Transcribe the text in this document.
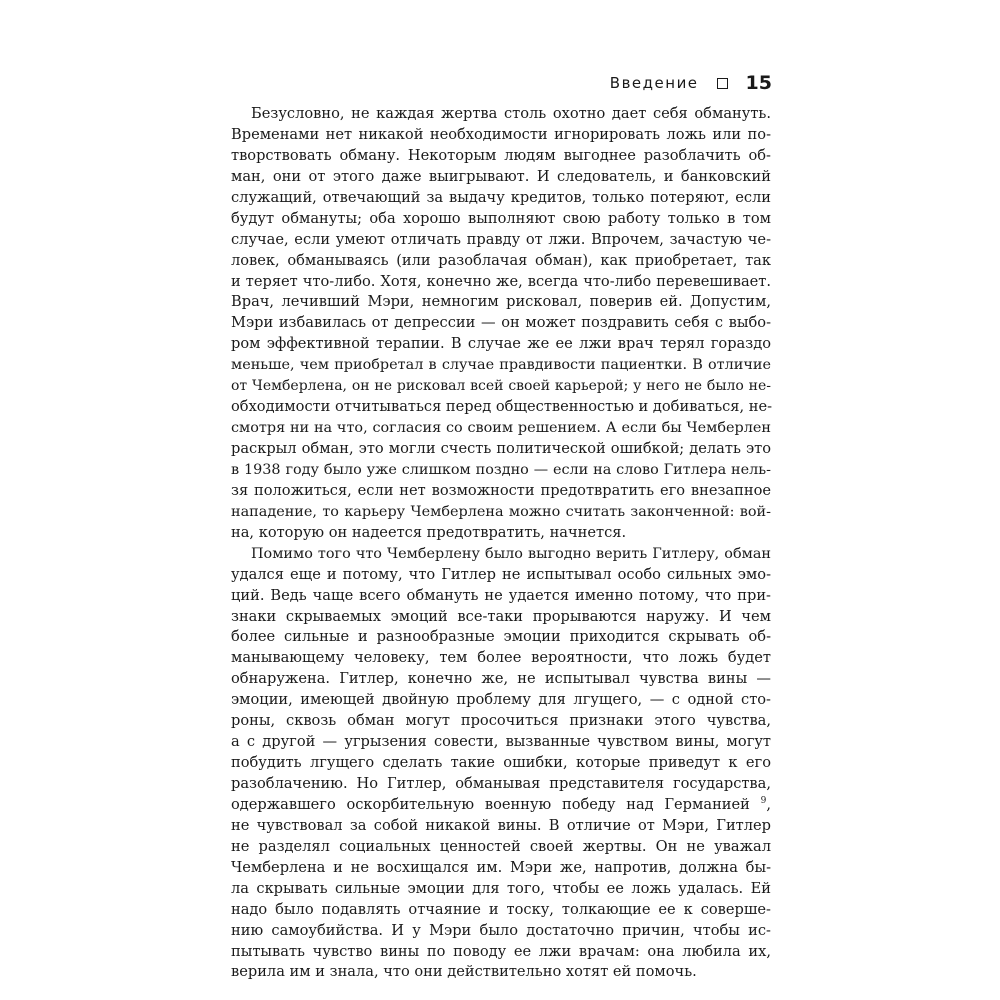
Введение 15
Безусловно, не каждая жертва столь охотно дает себя обмануть.
Временами нет никакой необходимости игнорировать ложь или по-
творствовать обману. Некоторым людям выгоднее разоблачить об-
ман, они от этого даже выигрывают. И следователь, и банковский
служащий, отвечающий за выдачу кредитов, только потеряют, если
будут обмануты; оба хорошо выполняют свою работу только в том
случае, если умеют отличать правду от лжи. Впрочем, зачастую че-
ловек, обманываясь (или разоблачая обман), как приобретает, так
и теряет что-либо. Хотя, конечно же, всегда что-либо перевешивает.
Врач, лечивший Мэри, немногим рисковал, поверив ей. Допустим,
Мэри избавилась от депрессии — он может поздравить себя с выбо-
ром эффективной терапии. В случае же ее лжи врач терял гораздо
меньше, чем приобретал в случае правдивости пациентки. В отличие
от Чемберлена, он не рисковал всей своей карьерой; у него не было не-
обходимости отчитываться перед общественностью и добиваться, не-
смотря ни на что, согласия со своим решением. А если бы Чемберлен
раскрыл обман, это могли счесть политической ошибкой; делать это
в 1938 году было уже слишком поздно — если на слово Гитлера нель-
зя положиться, если нет возможности предотвратить его внезапное
нападение, то карьеру Чемберлена можно считать законченной: вой-
на, которую он надеется предотвратить, начнется.
Помимо того что Чемберлену было выгодно верить Гитлеру, обман
удался еще и потому, что Гитлер не испытывал особо сильных эмо-
ций. Ведь чаще всего обмануть не удается именно потому, что при-
знаки скрываемых эмоций все-таки прорываются наружу. И чем
более сильные и разнообразные эмоции приходится скрывать об-
манывающему человеку, тем более вероятности, что ложь будет
обнаружена. Гитлер, конечно же, не испытывал чувства вины —
эмоции, имеющей двойную проблему для лгущего, — с одной сто-
роны, сквозь обман могут просочиться признаки этого чувства,
а с другой — угрызения совести, вызванные чувством вины, могут
побудить лгущего сделать такие ошибки, которые приведут к его
разоблачению. Но Гитлер, обманывая представителя государства,
одержавшего оскорбительную военную победу над Германией $^9$,
не чувствовал за собой никакой вины. В отличие от Мэри, Гитлер
не разделял социальных ценностей своей жертвы. Он не уважал
Чемберлена и не восхищался им. Мэри же, напротив, должна бы-
ла скрывать сильные эмоции для того, чтобы ее ложь удалась. Ей
надо было подавлять отчаяние и тоску, толкающие ее к соверше-
нию самоубийства. И у Мэри было достаточно причин, чтобы ис-
пытывать чувство вины по поводу ее лжи врачам: она любила их,
верила им и знала, что они действительно хотят ей помочь.
